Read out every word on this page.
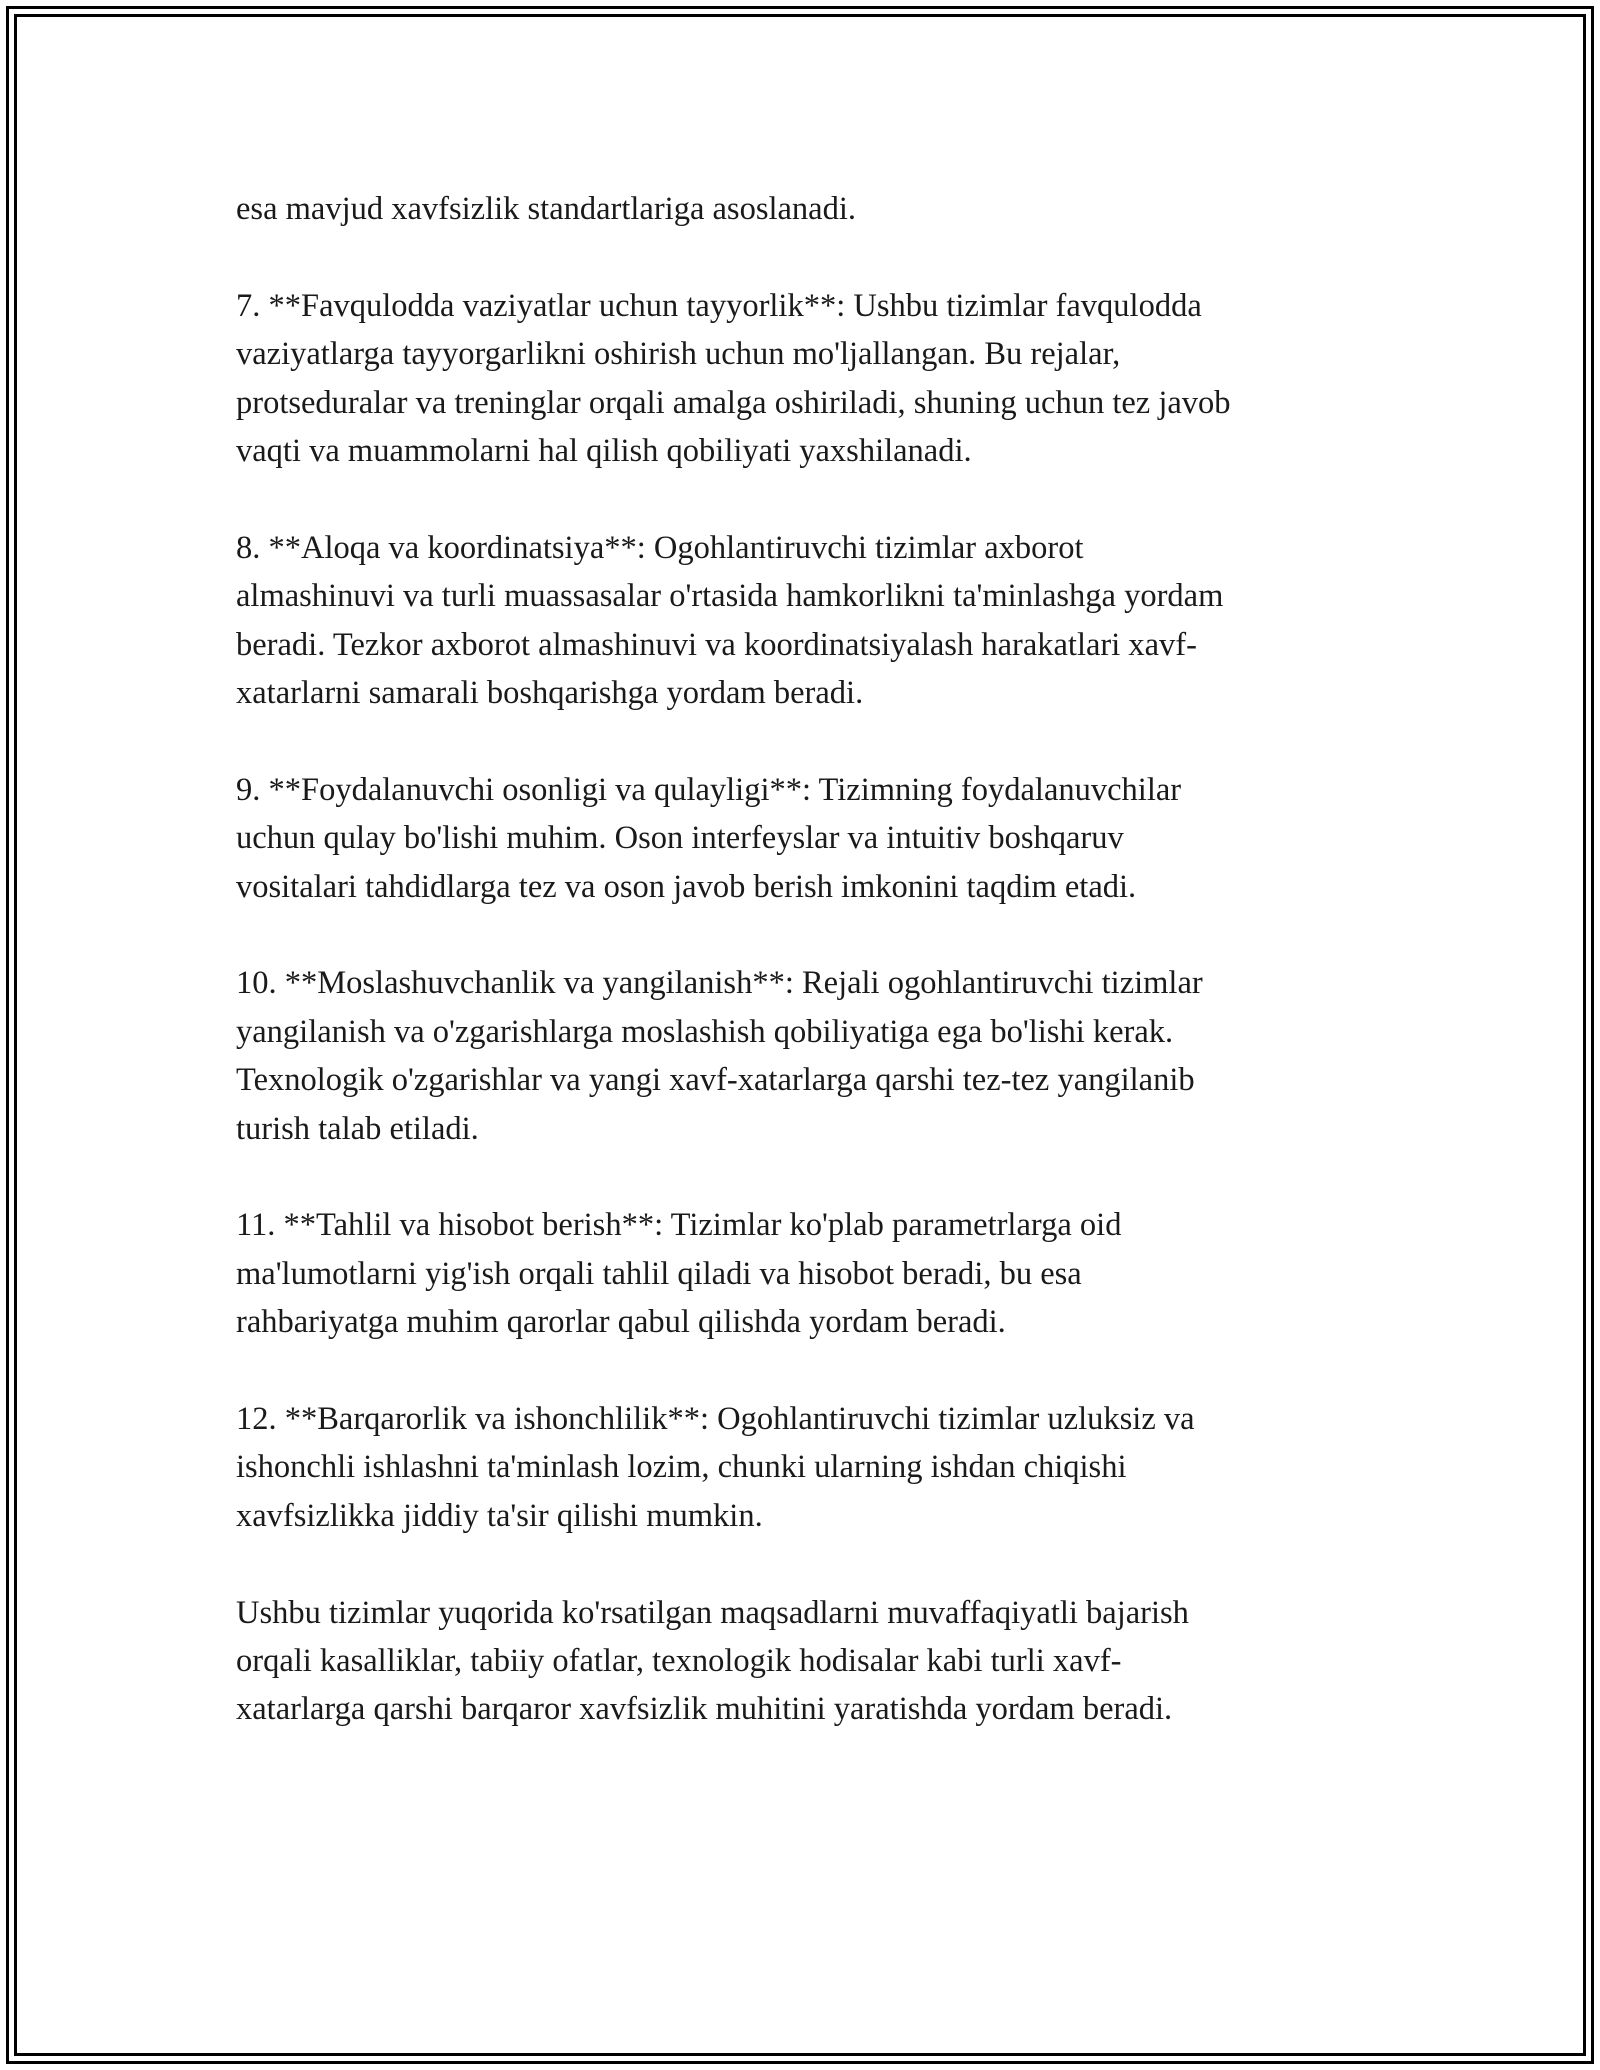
esa mavjud xavfsizlik standartlariga asoslanadi.

7. **Favqulodda vaziyatlar uchun tayyorlik**: Ushbu tizimlar favqulodda
vaziyatlarga tayyorgarlikni oshirish uchun mo'ljallangan. Bu rejalar,
protseduralar va treninglar orqali amalga oshiriladi, shuning uchun tez javob
vaqti va muammolarni hal qilish qobiliyati yaxshilanadi.

8. **Aloqa va koordinatsiya**: Ogohlantiruvchi tizimlar axborot
almashinuvi va turli muassasalar o'rtasida hamkorlikni ta'minlashga yordam
beradi. Tezkor axborot almashinuvi va koordinatsiyalash harakatlari xavf-
xatarlarni samarali boshqarishga yordam beradi.

9. **Foydalanuvchi osonligi va qulayligi**: Tizimning foydalanuvchilar
uchun qulay bo'lishi muhim. Oson interfeyslar va intuitiv boshqaruv
vositalari tahdidlarga tez va oson javob berish imkonini taqdim etadi.

10. **Moslashuvchanlik va yangilanish**: Rejali ogohlantiruvchi tizimlar
yangilanish va o'zgarishlarga moslashish qobiliyatiga ega bo'lishi kerak.
Texnologik o'zgarishlar va yangi xavf-xatarlarga qarshi tez-tez yangilanib
turish talab etiladi.

11. **Tahlil va hisobot berish**: Tizimlar ko'plab parametrlarga oid
ma'lumotlarni yig'ish orqali tahlil qiladi va hisobot beradi, bu esa
rahbariyatga muhim qarorlar qabul qilishda yordam beradi.

12. **Barqarorlik va ishonchlilik**: Ogohlantiruvchi tizimlar uzluksiz va
ishonchli ishlashni ta'minlash lozim, chunki ularning ishdan chiqishi
xavfsizlikka jiddiy ta'sir qilishi mumkin.

Ushbu tizimlar yuqorida ko'rsatilgan maqsadlarni muvaffaqiyatli bajarish
orqali kasalliklar, tabiiy ofatlar, texnologik hodisalar kabi turli xavf-
xatarlarga qarshi barqaror xavfsizlik muhitini yaratishda yordam beradi.
